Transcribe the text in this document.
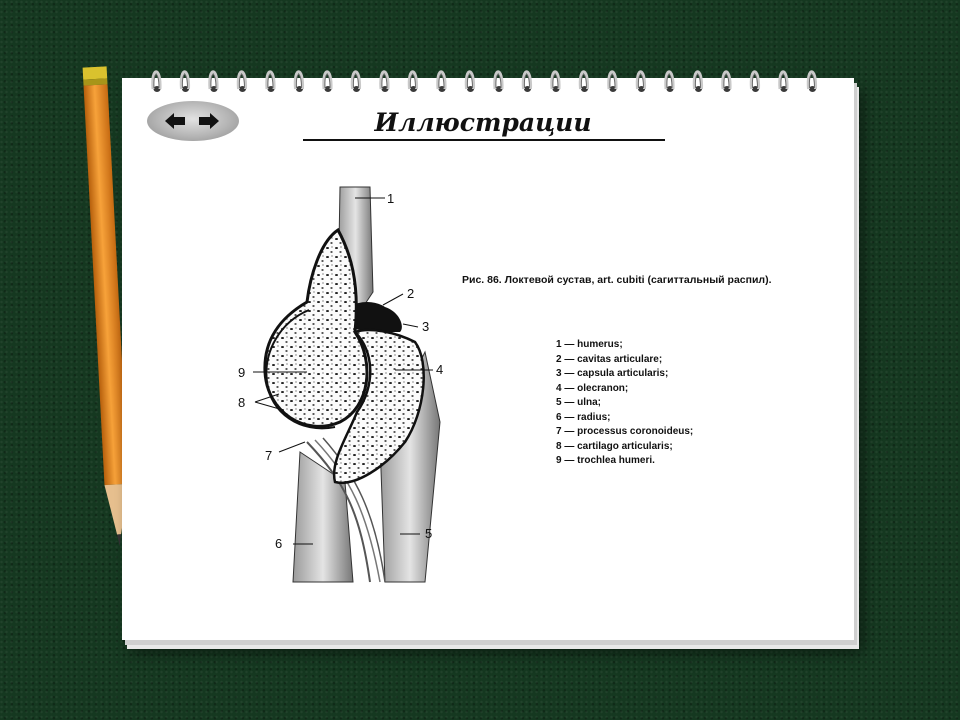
Иллюстрации
1
2
3
4
5
6
7
8
9
Рис. 86. Локтевой сустав, art. cubiti (сагиттальный распил).
1 — humerus;
2 — cavitas articulare;
3 — capsula articularis;
4 — olecranon;
5 — ulna;
6 — radius;
7 — processus coronoideus;
8 — cartilago articularis;
9 — trochlea humeri.
